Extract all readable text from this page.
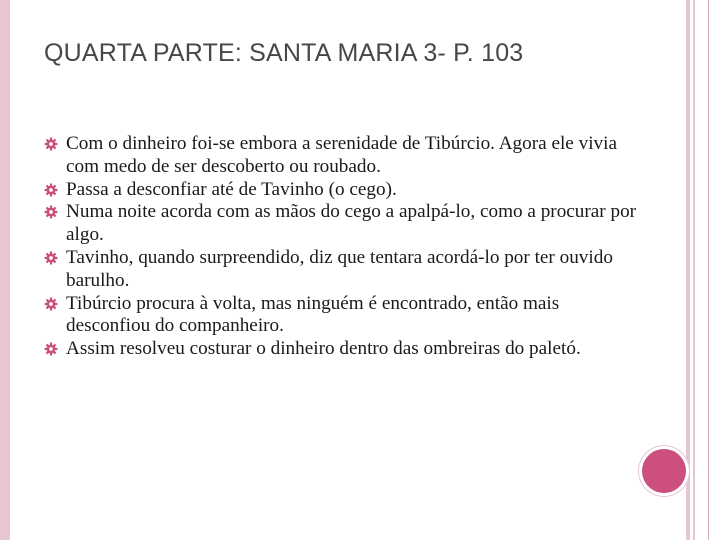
QUARTA PARTE: SANTA MARIA 3- P. 103
Com o dinheiro foi-se embora a serenidade de Tibúrcio. Agora ele vivia com medo de ser descoberto ou roubado.
Passa a desconfiar até de Tavinho (o cego).
Numa noite acorda com as mãos do cego a apalpá-lo, como a procurar por algo.
Tavinho, quando surpreendido, diz que tentara acordá-lo por ter ouvido barulho.
Tibúrcio procura à volta, mas ninguém é encontrado, então mais desconfiou do companheiro.
Assim resolveu costurar o dinheiro dentro das ombreiras do paletó.
